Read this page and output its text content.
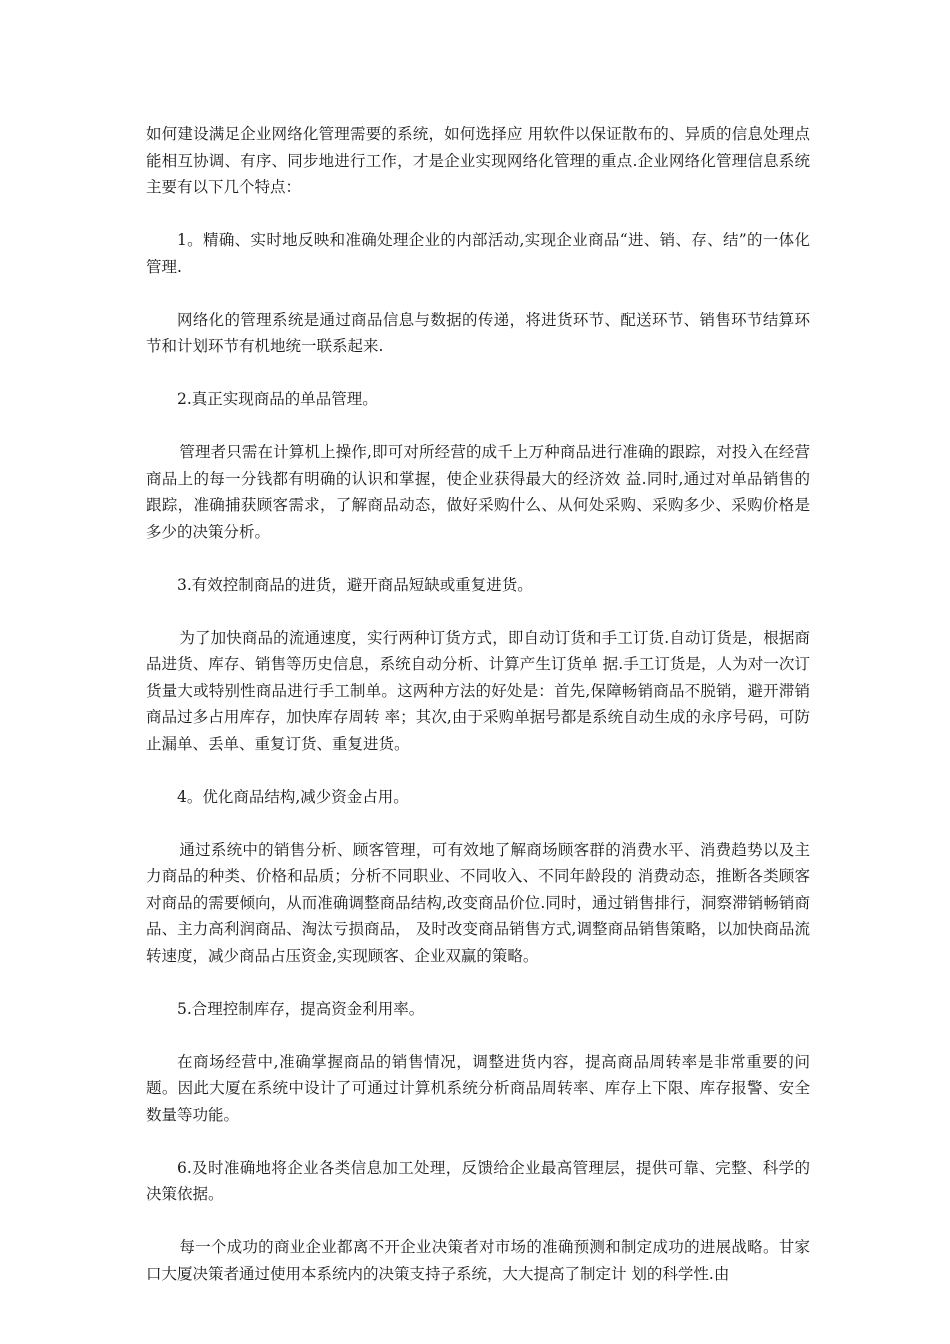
如何建设满足企业网络化管理需要的系统，如何选择应 用软件以保证散布的、异质的信息处理点能相互协调、有序、同步地进行工作，才是企业实现网络化管理的重点.企业网络化管理信息系统主要有以下几个特点：

1。精确、实时地反映和准确处理企业的内部活动,实现企业商品“进、销、存、结”的一体化管理.

网络化的管理系统是通过商品信息与数据的传递，将进货环节、配送环节、销售环节结算环节和计划环节有机地统一联系起来.

2.真正实现商品的单品管理。

管理者只需在计算机上操作,即可对所经营的成千上万种商品进行准确的跟踪，对投入在经营商品上的每一分钱都有明确的认识和掌握，使企业获得最大的经济效 益.同时,通过对单品销售的跟踪，准确捕获顾客需求，了解商品动态，做好采购什么、从何处采购、采购多少、采购价格是多少的决策分析。

3.有效控制商品的进货，避开商品短缺或重复进货。

为了加快商品的流通速度，实行两种订货方式，即自动订货和手工订货.自动订货是，根据商品进货、库存、销售等历史信息，系统自动分析、计算产生订货单 据.手工订货是，人为对一次订货量大或特别性商品进行手工制单。这两种方法的好处是：首先,保障畅销商品不脱销，避开滞销商品过多占用库存，加快库存周转 率；其次,由于采购单据号都是系统自动生成的永序号码，可防止漏单、丢单、重复订货、重复进货。

4。优化商品结构,减少资金占用。

通过系统中的销售分析、顾客管理，可有效地了解商场顾客群的消费水平、消费趋势以及主力商品的种类、价格和品质；分析不同职业、不同收入、不同年龄段的 消费动态，推断各类顾客对商品的需要倾向，从而准确调整商品结构,改变商品价位.同时，通过销售排行，洞察滞销畅销商品、主力高利润商品、淘汰亏损商品， 及时改变商品销售方式,调整商品销售策略，以加快商品流转速度，减少商品占压资金,实现顾客、企业双赢的策略。

5.合理控制库存，提高资金利用率。

在商场经营中,准确掌握商品的销售情况，调整进货内容，提高商品周转率是非常重要的问题。因此大厦在系统中设计了可通过计算机系统分析商品周转率、库存上下限、库存报警、安全数量等功能。

6.及时准确地将企业各类信息加工处理，反馈给企业最高管理层，提供可靠、完整、科学的决策依据。

每一个成功的商业企业都离不开企业决策者对市场的准确预测和制定成功的进展战略。甘家口大厦决策者通过使用本系统内的决策支持子系统，大大提高了制定计 划的科学性.由
